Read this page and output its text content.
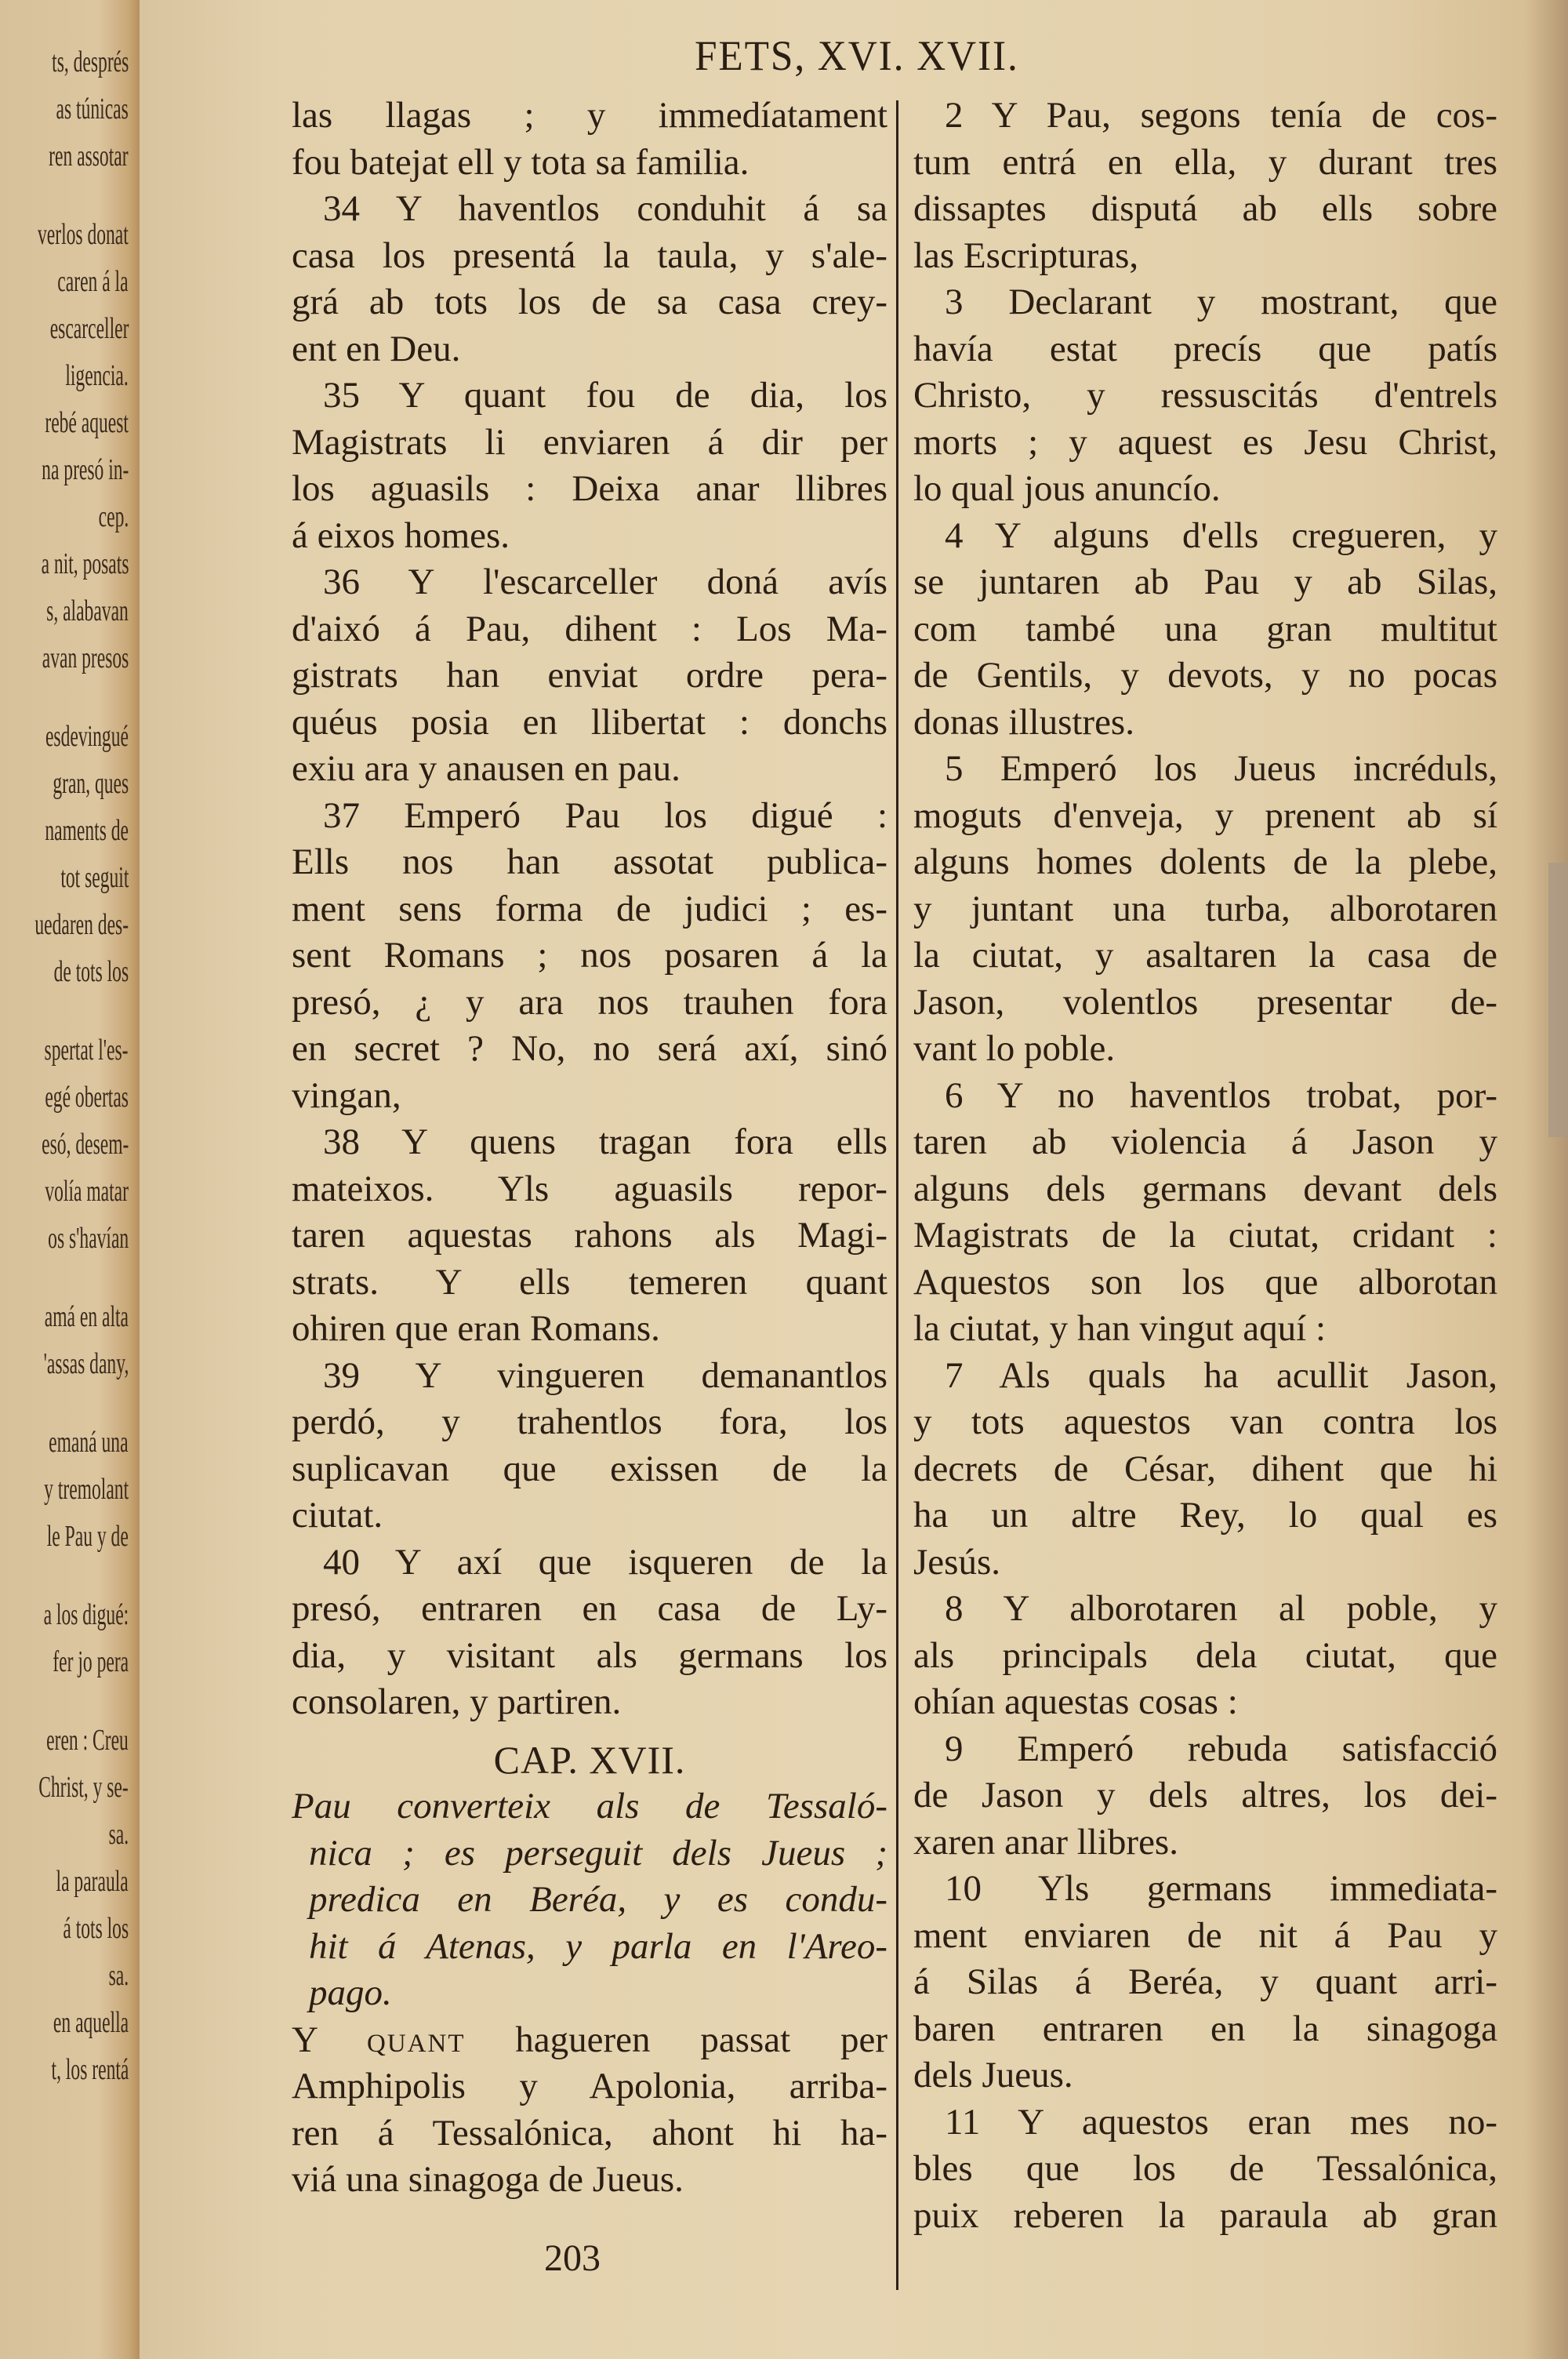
ts, després
as túnicas
ren assotar
verlos donat
caren á la
escarceller
ligencia.
rebé aquest
na presó in-
cep.
a nit, posats
s, alabavan
avan presos
esdevingué
gran, ques
naments de
tot seguit
uedaren des-
de tots los
spertat l'es-
egé obertas
esó, desem-
volía matar
os s'havían
amá en alta
'assas dany,
emaná una
y tremolant
le Pau y de
a los digué:
fer jo pera
eren : Creu
Christ, y se-
sa.
la paraula
á tots los
sa.
en aquella
t, los rentá
FETS, XVI. XVII.
las llagas ; y immedíatament
fou batejat ell y tota sa familia.
34 Y haventlos conduhit á sa
casa los presentá la taula, y s'ale-
grá ab tots los de sa casa crey-
ent en Deu.
35 Y quant fou de dia, los
Magistrats li enviaren á dir per
los aguasils : Deixa anar llibres
á eixos homes.
36 Y l'escarceller doná avís
d'aixó á Pau, dihent : Los Ma-
gistrats han enviat ordre pera-
quéus posia en llibertat : donchs
exiu ara y anausen en pau.
37 Emperó Pau los digué :
Ells nos han assotat publica-
ment sens forma de judici ; es-
sent Romans ; nos posaren á la
presó, ¿ y ara nos trauhen fora
en secret ? No, no será axí, sinó
vingan,
38 Y quens tragan fora ells
mateixos. Yls aguasils repor-
taren aquestas rahons als Magi-
strats. Y ells temeren quant
ohiren que eran Romans.
39 Y vingueren demanantlos
perdó, y trahentlos fora, los
suplicavan que exissen de la
ciutat.
40 Y axí que isqueren de la
presó, entraren en casa de Ly-
dia, y visitant als germans los
consolaren, y partiren.
CAP. XVII.
Pau converteix als de Tessaló-
nica ; es perseguit dels Jueus ;
predica en Beréa, y es condu-
hit á Atenas, y parla en l'Areo-
pago.
Y quant hagueren passat per
Amphipolis y Apolonia, arriba-
ren á Tessalónica, ahont hi ha-
viá una sinagoga de Jueus.
2 Y Pau, segons tenía de cos-
tum entrá en ella, y durant tres
dissaptes disputá ab ells sobre
las Escripturas,
3 Declarant y mostrant, que
havía estat precís que patís
Christo, y ressuscitás d'entrels
morts ; y aquest es Jesu Christ,
lo qual jous anuncío.
4 Y alguns d'ells cregueren, y
se juntaren ab Pau y ab Silas,
com també una gran multitut
de Gentils, y devots, y no pocas
donas illustres.
5 Emperó los Jueus incréduls,
moguts d'enveja, y prenent ab sí
alguns homes dolents de la plebe,
y juntant una turba, alborotaren
la ciutat, y asaltaren la casa de
Jason, volentlos presentar de-
vant lo poble.
6 Y no haventlos trobat, por-
taren ab violencia á Jason y
alguns dels germans devant dels
Magistrats de la ciutat, cridant :
Aquestos son los que alborotan
la ciutat, y han vingut aquí :
7 Als quals ha acullit Jason,
y tots aquestos van contra los
decrets de César, dihent que hi
ha un altre Rey, lo qual es
Jesús.
8 Y alborotaren al poble, y
als principals dela ciutat, que
ohían aquestas cosas :
9 Emperó rebuda satisfacció
de Jason y dels altres, los dei-
xaren anar llibres.
10 Yls germans immediata-
ment enviaren de nit á Pau y
á Silas á Beréa, y quant arri-
baren entraren en la sinagoga
dels Jueus.
11 Y aquestos eran mes no-
bles que los de Tessalónica,
puix reberen la paraula ab gran
203
